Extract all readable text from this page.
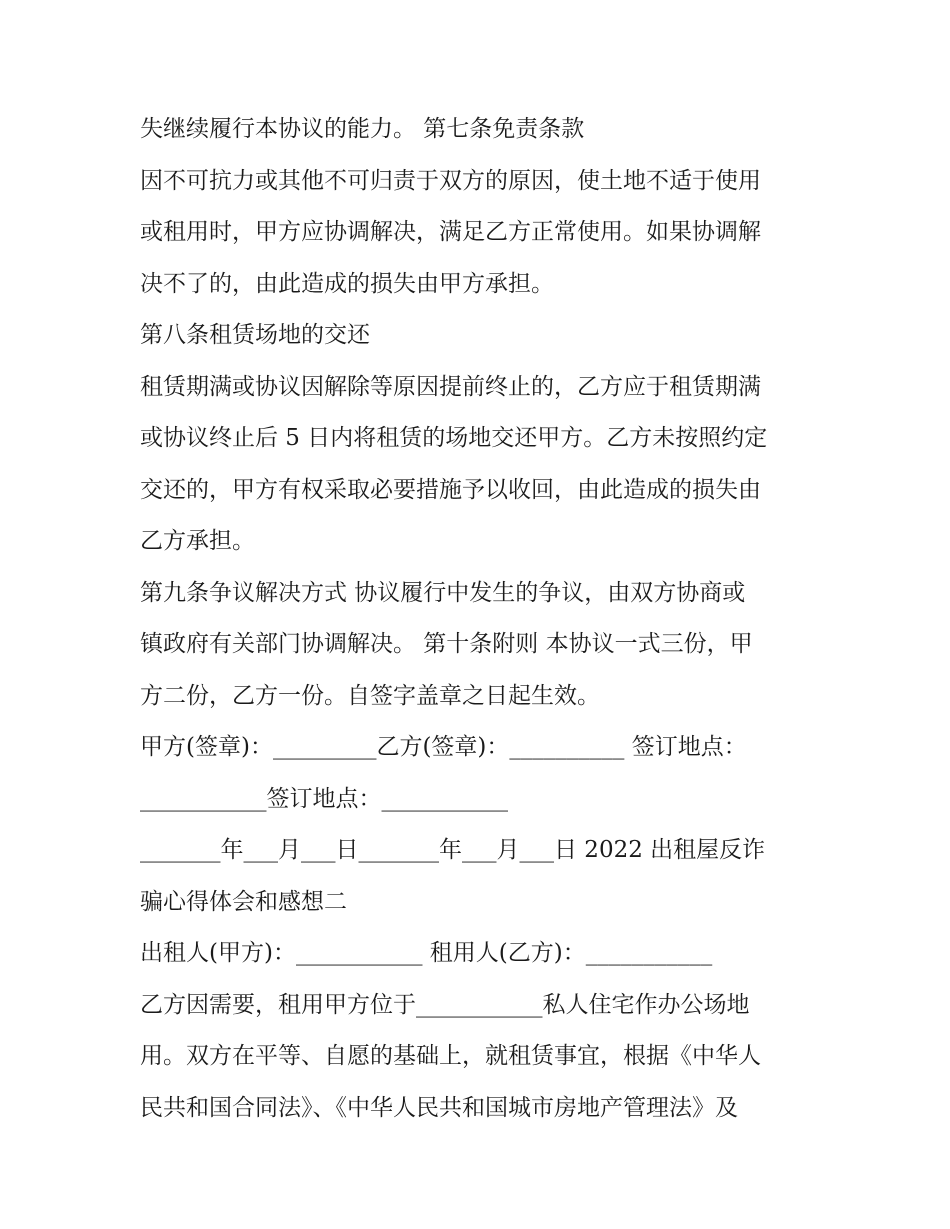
失继续履行本协议的能力。 第七条免责条款
因不可抗力或其他不可归责于双方的原因，使土地不适于使用
或租用时，甲方应协调解决，满足乙方正常使用。如果协调解
决不了的，由此造成的损失由甲方承担。
第八条租赁场地的交还
租赁期满或协议因解除等原因提前终止的，乙方应于租赁期满
或协议终止后 5 日内将租赁的场地交还甲方。乙方未按照约定
交还的，甲方有权采取必要措施予以收回，由此造成的损失由
乙方承担。
第九条争议解决方式 协议履行中发生的争议，由双方协商或
镇政府有关部门协调解决。 第十条附则 本协议一式三份，甲
方二份，乙方一份。自签字盖章之日起生效。
甲方(签章)：_________乙方(签章)：__________ 签订地点：
___________签订地点：___________
_______年___月___日_______年___月___日 2022 出租屋反诈
骗心得体会和感想二
出租人(甲方)：___________ 租用人(乙方)：___________
乙方因需要，租用甲方位于___________私人住宅作办公场地
用。双方在平等、自愿的基础上，就租赁事宜，根据《中华人
民共和国合同法》、《中华人民共和国城市房地产管理法》及
